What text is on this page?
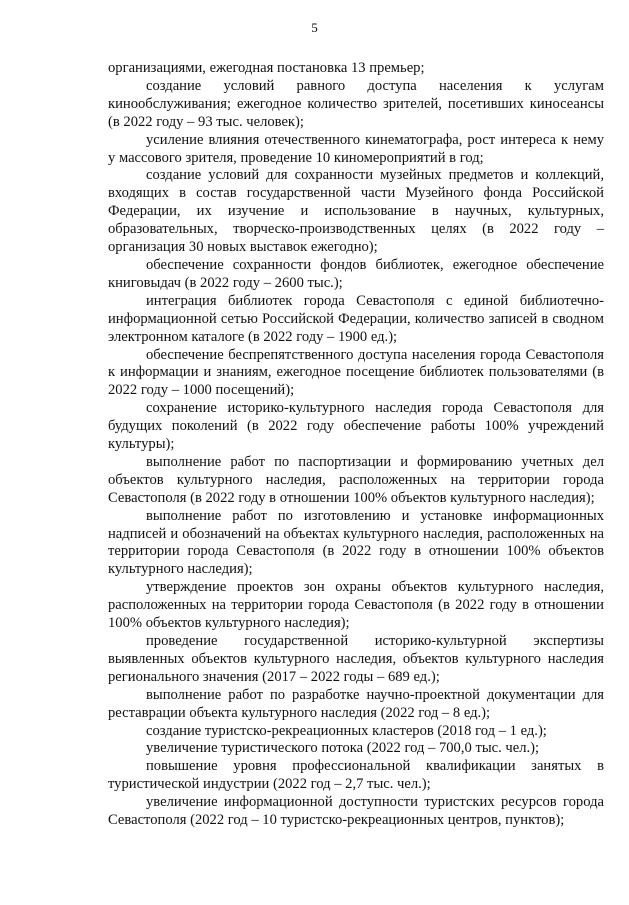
5

организациями, ежегодная постановка 13 премьер;

создание условий равного доступа населения к услугам кинообслуживания; ежегодное количество зрителей, посетивших киносеансы (в 2022 году – 93 тыс. человек);

усиление влияния отечественного кинематографа, рост интереса к нему у массового зрителя, проведение 10 киномероприятий в год;

создание условий для сохранности музейных предметов и коллекций, входящих в состав государственной части Музейного фонда Российской Федерации, их изучение и использование в научных, культурных, образовательных, творческо-производственных целях (в 2022 году – организация 30 новых выставок ежегодно);

обеспечение сохранности фондов библиотек, ежегодное обеспечение книговыдач (в 2022 году – 2600 тыс.);

интеграция библиотек города Севастополя с единой библиотечно-информационной сетью Российской Федерации, количество записей в сводном электронном каталоге (в 2022 году – 1900 ед.);

обеспечение беспрепятственного доступа населения города Севастополя к информации и знаниям, ежегодное посещение библиотек пользователями (в 2022 году – 1000 посещений);

сохранение историко-культурного наследия города Севастополя для будущих поколений (в 2022 году обеспечение работы 100% учреждений культуры);

выполнение работ по паспортизации и формированию учетных дел объектов культурного наследия, расположенных на территории города Севастополя (в 2022 году в отношении 100% объектов культурного наследия);

выполнение работ по изготовлению и установке информационных надписей и обозначений на объектах культурного наследия, расположенных на территории города Севастополя (в 2022 году в отношении 100% объектов культурного наследия);

утверждение проектов зон охраны объектов культурного наследия, расположенных на территории города Севастополя (в 2022 году в отношении 100% объектов культурного наследия);

проведение государственной историко-культурной экспертизы выявленных объектов культурного наследия, объектов культурного наследия регионального значения (2017 – 2022 годы – 689 ед.);

выполнение работ по разработке научно-проектной документации для реставрации объекта культурного наследия (2022 год – 8 ед.);

создание туристско-рекреационных кластеров (2018 год – 1 ед.);

увеличение туристического потока (2022 год – 700,0 тыс. чел.);

повышение уровня профессиональной квалификации занятых в туристической индустрии (2022 год – 2,7 тыс. чел.);

увеличение информационной доступности туристских ресурсов города Севастополя (2022 год – 10 туристско-рекреационных центров, пунктов);
